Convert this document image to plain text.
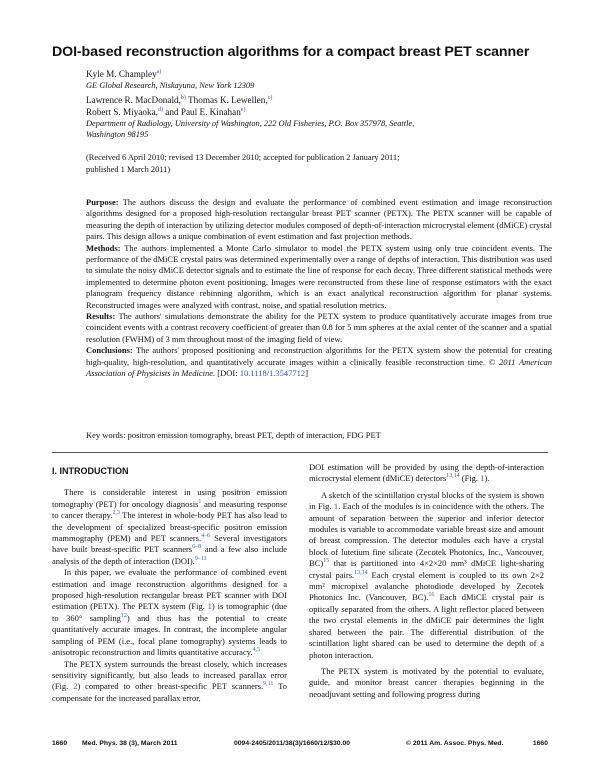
DOI-based reconstruction algorithms for a compact breast PET scanner
Kyle M. Champley$^{a)}$
GE Global Research, Niskayuna, New York 12309
Lawrence R. MacDonald,$^{b)}$ Thomas K. Lewellen,$^{c)}$
Robert S. Miyaoka,$^{d)}$ and Paul E. Kinahan$^{e)}$
Department of Radiology, University of Washington, 222 Old Fisheries, P.O. Box 357978, Seattle,
Washington 98195
(Received 6 April 2010; revised 13 December 2010; accepted for publication 2 January 2011;
published 1 March 2011)

Purpose: The authors discuss the design and evaluate the performance of combined event estimation and image reconstruction algorithms designed for a proposed high-resolution rectangular breast PET scanner (PETX). The PETX scanner will be capable of measuring the depth of interaction by utilizing detector modules composed of depth-of-interaction microcrystal element (dMiCE) crystal pairs. This design allows a unique combination of event estimation and fast projection methods.

Methods: The authors implemented a Monte Carlo simulator to model the PETX system using only true coincident events. The performance of the dMiCE crystal pairs was determined experimentally over a range of depths of interaction. This distribution was used to simulate the noisy dMiCE detector signals and to estimate the line of response for each decay. Three different statistical methods were implemented to determine photon event positioning. Images were reconstructed from these line of response estimators with the exact planogram frequency distance rebinning algorithm, which is an exact analytical reconstruction algorithm for planar systems. Reconstructed images were analyzed with contrast, noise, and spatial resolution metrics.

Results: The authors' simulations demonstrate the ability for the PETX system to produce quantitatively accurate images from true coincident events with a contrast recovery coefficient of greater than 0.8 for 5 mm spheres at the axial center of the scanner and a spatial resolution (FWHM) of 3 mm throughout most of the imaging field of view.

Conclusions: The authors' proposed positioning and reconstruction algorithms for the PETX system show the potential for creating high-quality, high-resolution, and quantitatively accurate images within a clinically feasible reconstruction time. © 2011 American Association of Physicists in Medicine. [DOI: 10.1118/1.3547712]

Key words: positron emission tomography, breast PET, depth of interaction, FDG PET

I. INTRODUCTION

There is considerable interest in using positron emission tomography (PET) for oncology diagnosis$^1$ and measuring response to cancer therapy.$^{2,3}$ The interest in whole-body PET has also lead to the development of specialized breast-specific positron emission mammography (PEM) and PET scanners.$^{4-6}$ Several investigators have built breast-specific PET scanners$^{6-8}$ and a few also include analysis of the depth of interaction (DOI).$^{9-11}$

In this paper, we evaluate the performance of combined event estimation and image reconstruction algorithms designed for a proposed high-resolution rectangular breast PET scanner with DOI estimation (PETX). The PETX system (Fig. 1) is tomographic (due to 360° sampling$^{12}$) and thus has the potential to create quantitatively accurate images. In contrast, the incomplete angular sampling of PEM (i.e., focal plane tomography) systems leads to anisotropic reconstruction and limits quantitative accuracy.$^{4,5}$

The PETX system surrounds the breast closely, which increases sensitivity significantly, but also leads to increased parallax error (Fig. 2) compared to other breast-specific PET scanners.$^{9,11}$ To compensate for the increased parallax error,

DOI estimation will be provided by using the depth-of-interaction microcrystal element (dMiCE) detectors$^{13,14}$ (Fig. 1).

A sketch of the scintillation crystal blocks of the system is shown in Fig. 1. Each of the modules is in coincidence with the others. The amount of separation between the superior and inferior detector modules is variable to accommodate variable breast size and amount of breast compression. The detector modules each have a crystal block of lutetium fine silicate (Zecotek Photonics, Inc., Vancouver, BC)$^{15}$ that is partitioned into 4×2×20 mm³ dMiCE light-sharing crystal pairs.$^{13,14}$ Each crystal element is coupled to its own 2×2 mm² micropixel avalanche photodiode developed by Zecotek Photonics Inc. (Vancouver, BC).$^{16}$ Each dMiCE crystal pair is optically separated from the others. A light reflector placed between the two crystal elements in the dMiCE pair determines the light shared between the pair. The differential distribution of the scintillation light shared can be used to determine the depth of a photon interaction.

The PETX system is motivated by the potential to evaluate, guide, and monitor breast cancer therapies beginning in the neoadjuvant setting and following progress during

1660 Med. Phys. 38 (3), March 2011	0094-2405/2011/38(3)/1660/12/$30.00	© 2011 Am. Assoc. Phys. Med.	1660
